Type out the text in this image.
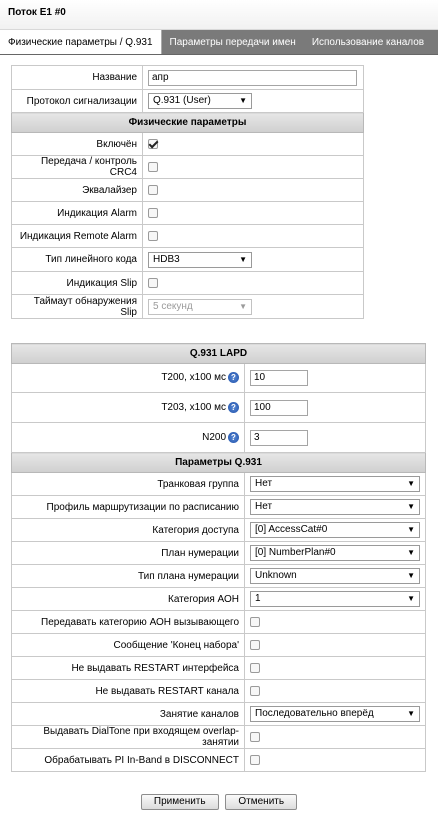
Поток E1 #0
Физические параметры / Q.931	Параметры передачи имен	Использование каналов
Название	апр
Протокол сигнализации	Q.931 (User) ▼

Физические параметры	
Включён	
Передача / контроль CRC4	
Эквалайзер	
Индикация Alarm	
Индикация Remote Alarm	
Тип линейного кода	HDB3 ▼

Индикация Slip	
Таймаут обнаружения Slip	5 секунд ▼
Q.931 LAPD	
Т200, x100 мс ?	10
Т203, x100 мс ?	100
N200 ?	3
Параметры Q.931	
Транковая группа	Нет ▼

Профиль маршрутизации по расписанию	Нет ▼

Категория доступа	[0] AccessCat#0 ▼

План нумерации	[0] NumberPlan#0 ▼

Тип плана нумерации	Unknown ▼

Категория АОН	1 ▼

Передавать категорию АОН вызывающего	
Сообщение 'Конец набора'	
Не выдавать RESTART интерфейса	
Не выдавать RESTART канала	
Занятие каналов	Последовательно вперёд ▼

Выдавать DialTone при входящем overlap-занятии	
Обрабатывать PI In-Band в DISCONNECT	
Применить	Отменить
